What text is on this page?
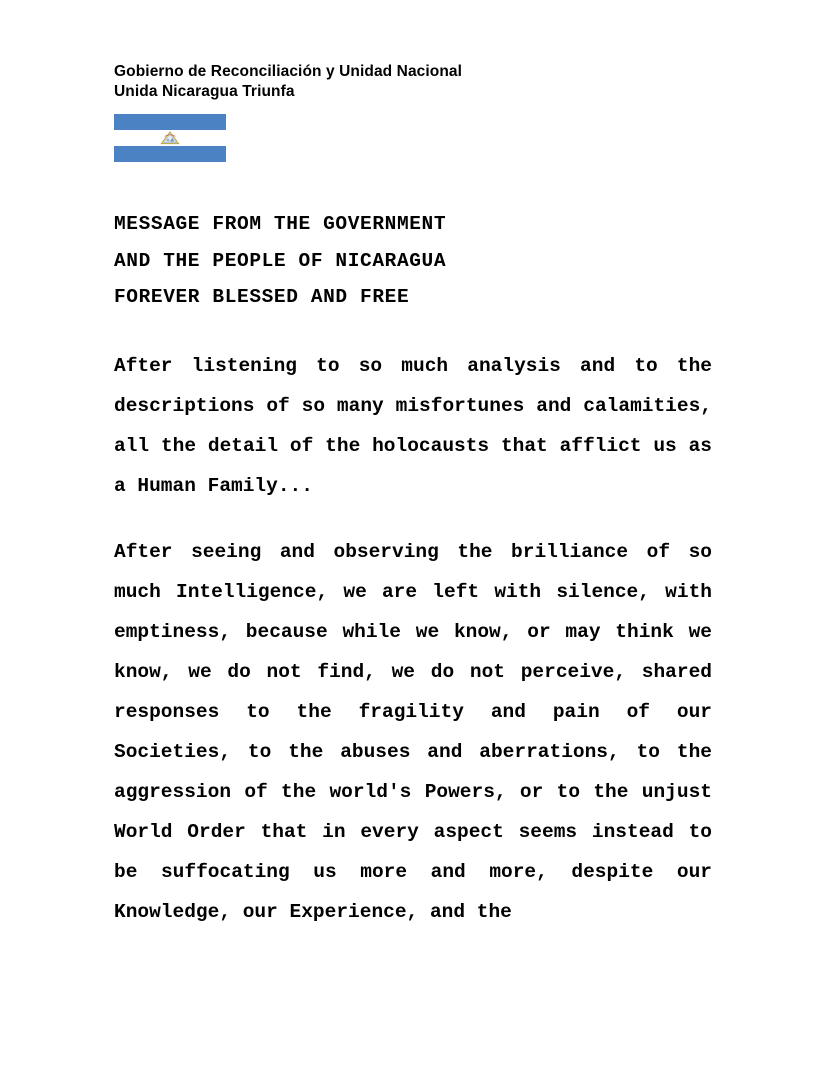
Gobierno de Reconciliación y Unidad Nacional
Unida Nicaragua Triunfa
MESSAGE FROM THE GOVERNMENT
AND THE PEOPLE OF NICARAGUA
FOREVER BLESSED AND FREE

After listening to so much analysis and to the descriptions of so many misfortunes and calamities, all the detail of the holocausts that afflict us as a Human Family...

After seeing and observing the brilliance of so much Intelligence, we are left with silence, with emptiness, because while we know, or may think we know, we do not find, we do not perceive, shared responses to the fragility and pain of our Societies, to the abuses and aberrations, to the aggression of the world's Powers, or to the unjust World Order that in every aspect seems instead to be suffocating us more and more, despite our Knowledge, our Experience, and the
